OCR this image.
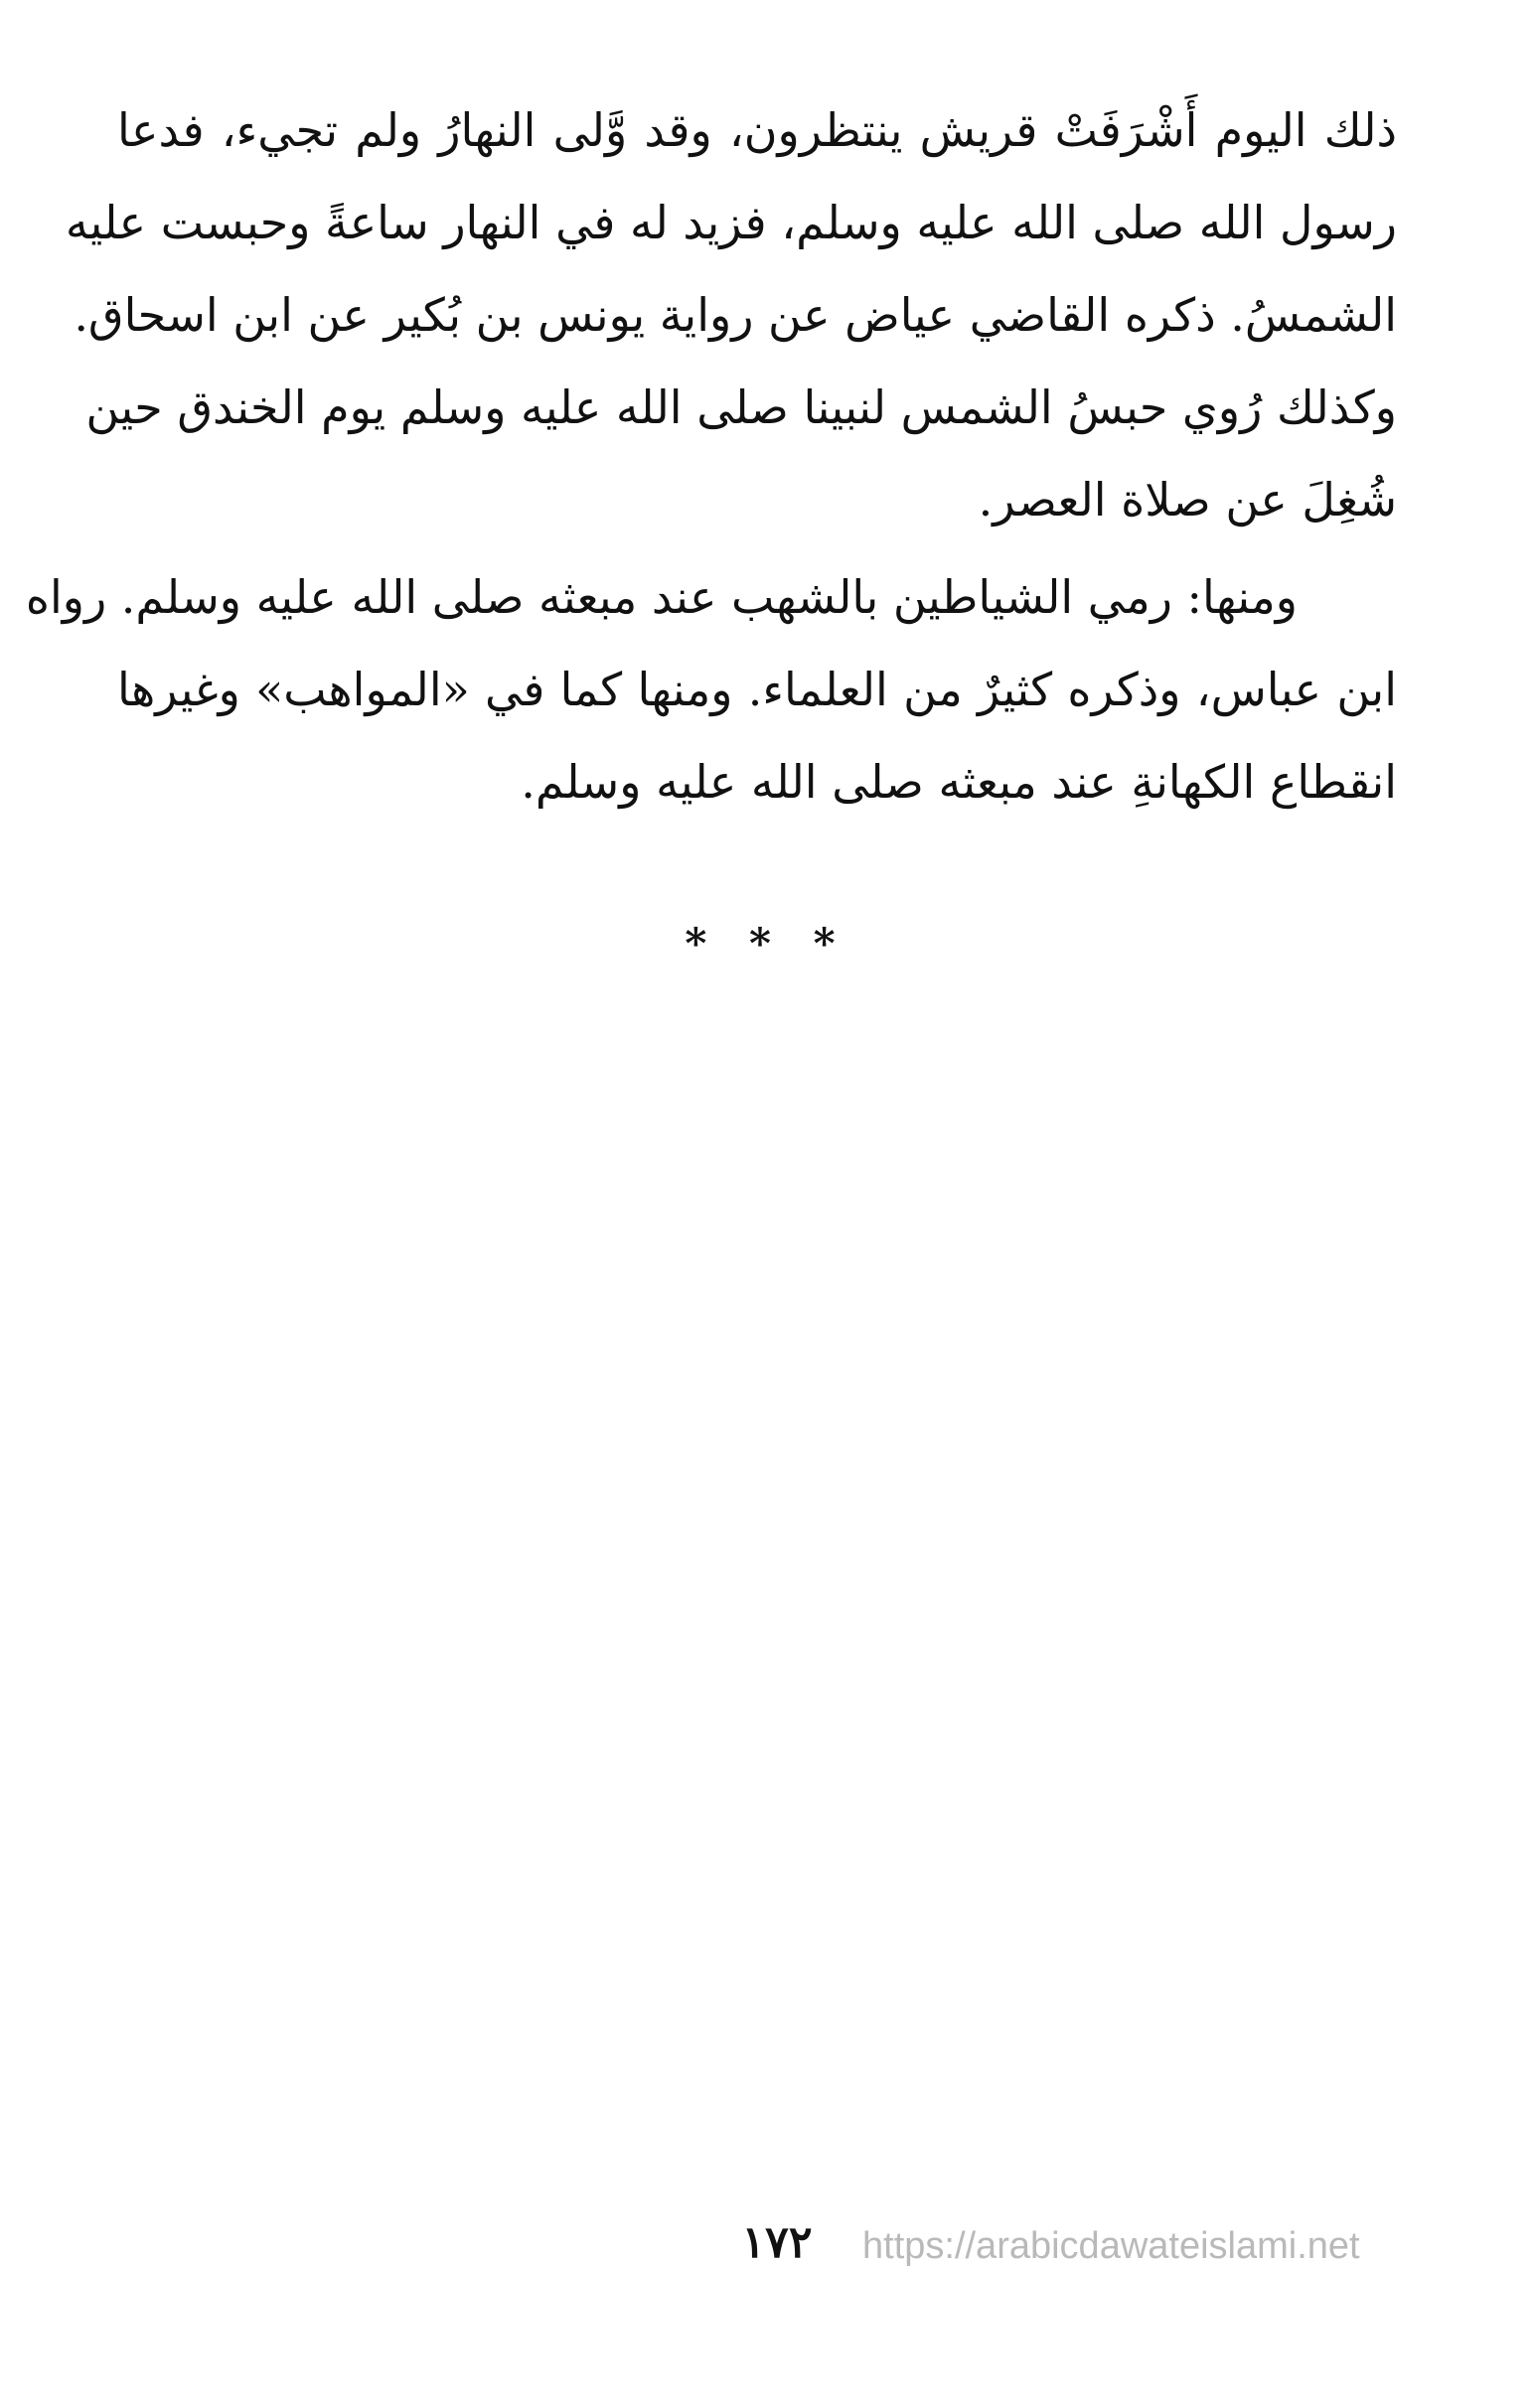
ذلك اليوم أَشْرَفَتْ قريش ينتظرون، وقد وَّلى النهارُ ولم تجيء، فدعا
رسول الله صلى الله عليه وسلم، فزيد له في النهار ساعةً وحبست عليه
الشمسُ. ذكره القاضي عياض عن رواية يونس بن بُكير عن ابن اسحاق.
وكذلك رُوي حبسُ الشمس لنبينا صلى الله عليه وسلم يوم الخندق حين
شُغِلَ عن صلاة العصر.
ومنها: رمي الشياطين بالشهب عند مبعثه صلى الله عليه وسلم. رواه
ابن عباس، وذكره كثيرٌ من العلماء. ومنها كما في «المواهب» وغيرها
انقطاع الكهانةِ عند مبعثه صلى الله عليه وسلم.
* * *
١٧٢	https://arabicdawateislami.net
